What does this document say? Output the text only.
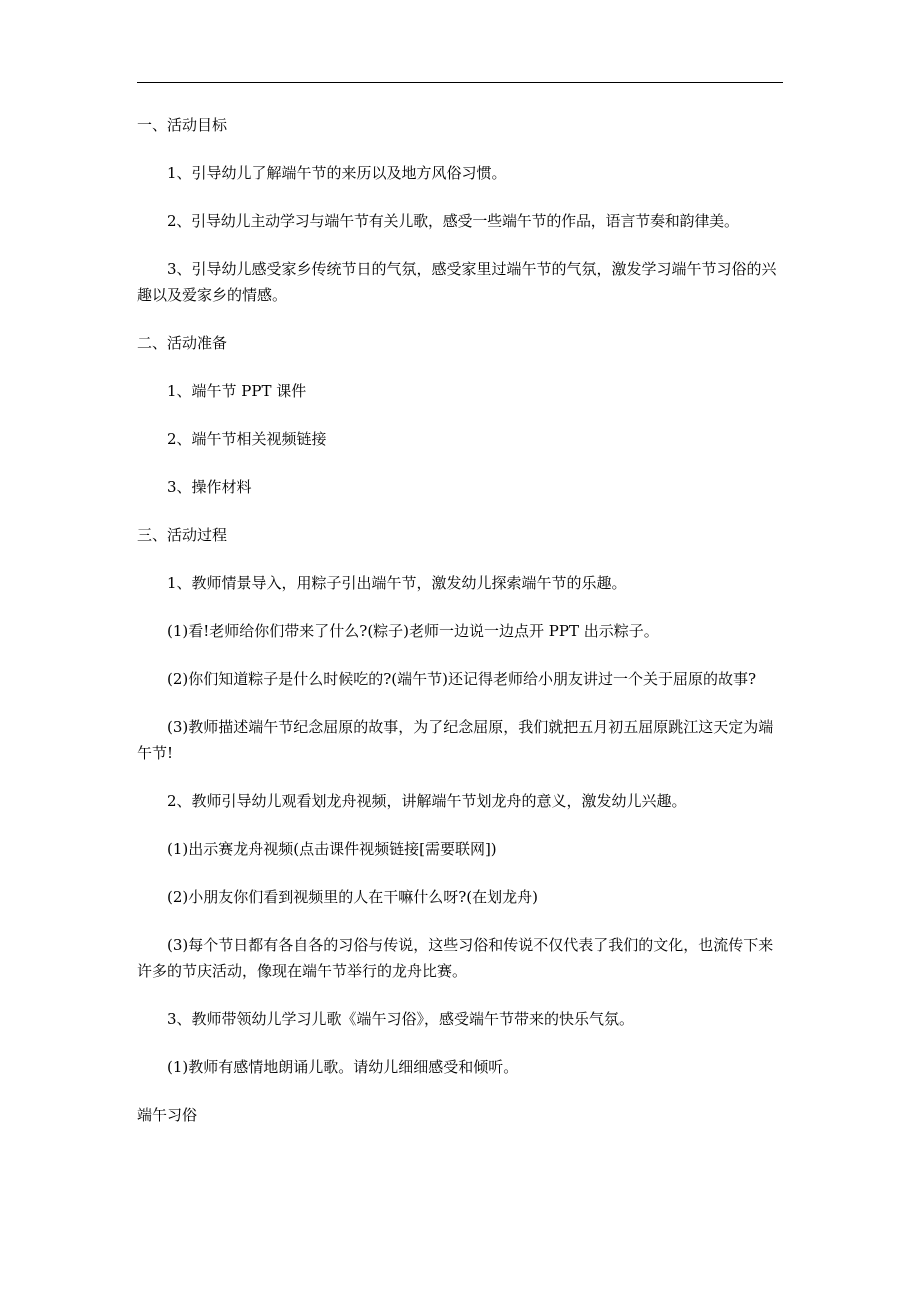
一、活动目标

1、引导幼儿了解端午节的来历以及地方风俗习惯。

2、引导幼儿主动学习与端午节有关儿歌，感受一些端午节的作品，语言节奏和韵律美。

3、引导幼儿感受家乡传统节日的气氛，感受家里过端午节的气氛，激发学习端午节习俗的兴趣以及爱家乡的情感。

二、活动准备

1、端午节 PPT 课件

2、端午节相关视频链接

3、操作材料

三、活动过程

1、教师情景导入，用粽子引出端午节，激发幼儿探索端午节的乐趣。

(1)看!老师给你们带来了什么?(粽子)老师一边说一边点开 PPT 出示粽子。

(2)你们知道粽子是什么时候吃的?(端午节)还记得老师给小朋友讲过一个关于屈原的故事?

(3)教师描述端午节纪念屈原的故事，为了纪念屈原，我们就把五月初五屈原跳江这天定为端午节!

2、教师引导幼儿观看划龙舟视频，讲解端午节划龙舟的意义，激发幼儿兴趣。

(1)出示赛龙舟视频(点击课件视频链接[需要联网])

(2)小朋友你们看到视频里的人在干嘛什么呀?(在划龙舟)

(3)每个节日都有各自各的习俗与传说，这些习俗和传说不仅代表了我们的文化，也流传下来许多的节庆活动，像现在端午节举行的龙舟比赛。

3、教师带领幼儿学习儿歌《端午习俗》，感受端午节带来的快乐气氛。

(1)教师有感情地朗诵儿歌。请幼儿细细感受和倾听。

端午习俗
